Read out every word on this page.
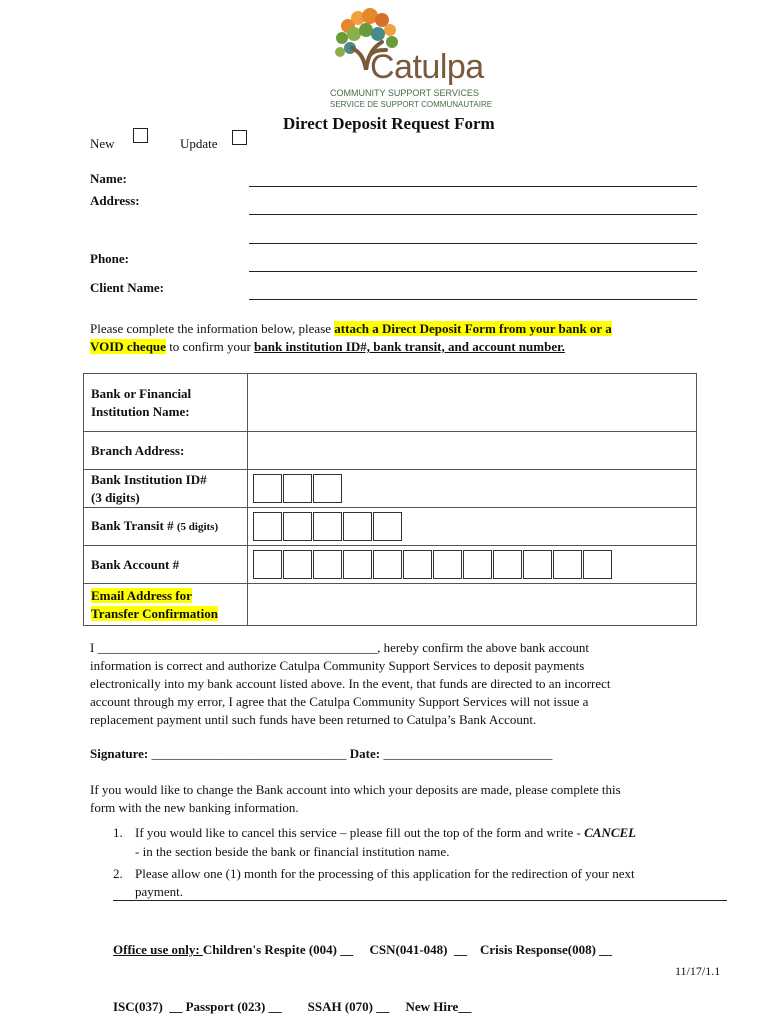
Catulpa
COMMUNITY SUPPORT SERVICES
SERVICE DE SUPPORT COMMUNAUTAIRE
Direct Deposit Request Form
New	Update
Name:
Address:
Phone:
Client Name:
Please complete the information below, please attach a Direct Deposit Form from your bank or a
VOID cheque to confirm your bank institution ID#, bank transit, and account number.
Bank or Financial
Institution Name:	

Branch Address:	

Bank Institution ID#
(3 digits)	

Bank Transit # (5 digits)	

Bank Account #	

Email Address for
Transfer Confirmation	
I ___________________________________________, hereby confirm the above bank account
information is correct and authorize Catulpa Community Support Services to deposit payments
electronically into my bank account listed above. In the event, that funds are directed to an incorrect
account through my error, I agree that the Catulpa Community Support Services will not issue a
replacement payment until such funds have been returned to Catulpa’s Bank Account.
Signature: ______________________________ Date: __________________________
If you would like to change the Bank account into which your deposits are made, please complete this
form with the new banking information.
1. If you would like to cancel this service – please fill out the top of the form and write - CANCEL
- in the section beside the bank or financial institution name.
2. Please allow one (1) month for the processing of this application for the redirection of your next
payment.

Office use only: Children's Respite (004) __     CSN(041-048)  __    Crisis Response(008) __

ISC(037)  __ Passport (023) __        SSAH (070) __     New Hire__

11/17/1.1
